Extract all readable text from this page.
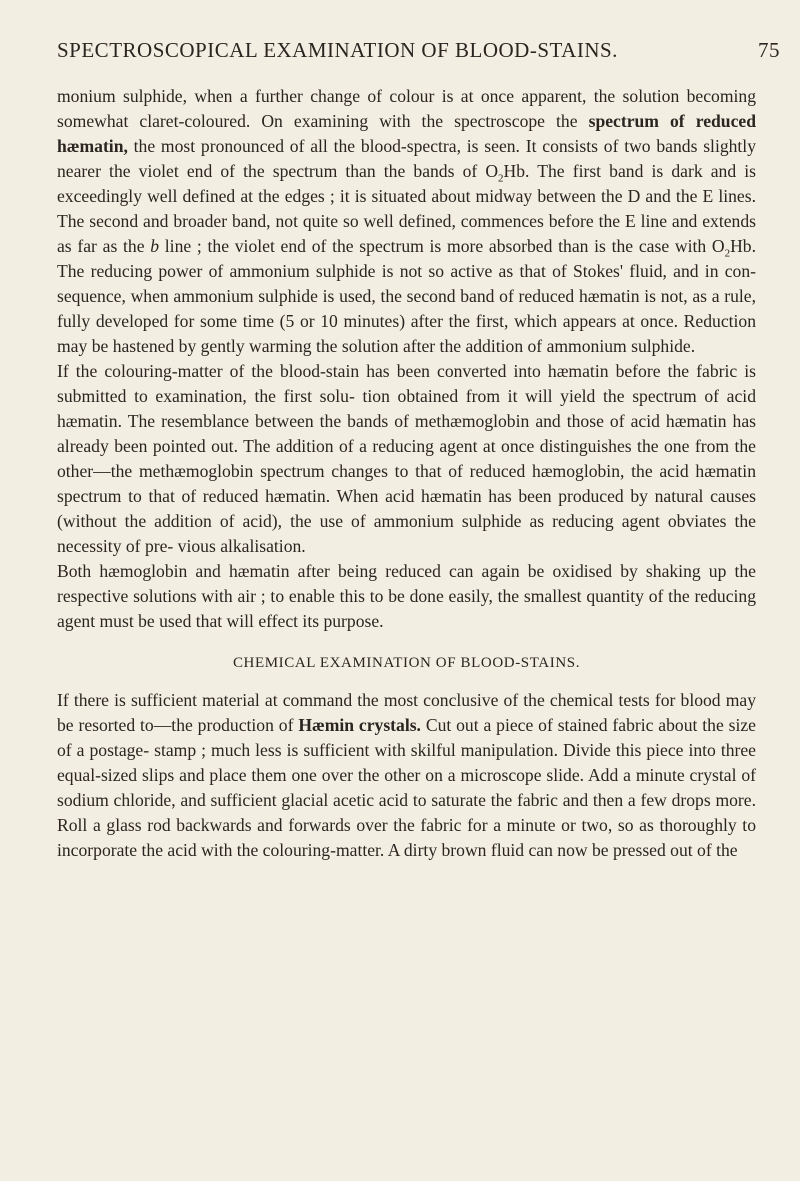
SPECTROSCOPICAL EXAMINATION OF BLOOD-STAINS.	75

monium sulphide, when a further change of colour is at once apparent, the solution becoming somewhat claret-coloured. On examining with the spectroscope the spectrum of reduced hæmatin, the most pronounced of all the blood-spectra, is seen. It consists of two bands slightly nearer the violet end of the spectrum than the bands of $O_2Hb$. The first band is dark and is exceedingly well defined at the edges ; it is situated about midway between the D and the E lines. The second and broader band, not quite so well defined, commences before the E line and extends as far as the b line ; the violet end of the spectrum is more absorbed than is the case with $O_2Hb$. The reducing power of ammonium sulphide is not so active as that of Stokes' fluid, and in con- sequence, when ammonium sulphide is used, the second band of reduced hæmatin is not, as a rule, fully developed for some time (5 or 10 minutes) after the first, which appears at once. Reduction may be hastened by gently warming the solution after the addition of ammonium sulphide.

If the colouring-matter of the blood-stain has been converted into hæmatin before the fabric is submitted to examination, the first solu- tion obtained from it will yield the spectrum of acid hæmatin. The resemblance between the bands of methæmoglobin and those of acid hæmatin has already been pointed out. The addition of a reducing agent at once distinguishes the one from the other—the methæmoglobin spectrum changes to that of reduced hæmoglobin, the acid hæmatin spectrum to that of reduced hæmatin. When acid hæmatin has been produced by natural causes (without the addition of acid), the use of ammonium sulphide as reducing agent obviates the necessity of pre- vious alkalisation.

Both hæmoglobin and hæmatin after being reduced can again be oxidised by shaking up the respective solutions with air ; to enable this to be done easily, the smallest quantity of the reducing agent must be used that will effect its purpose.

CHEMICAL EXAMINATION OF BLOOD-STAINS.

If there is sufficient material at command the most conclusive of the chemical tests for blood may be resorted to—the production of Hæmin crystals. Cut out a piece of stained fabric about the size of a postage- stamp ; much less is sufficient with skilful manipulation. Divide this piece into three equal-sized slips and place them one over the other on a microscope slide. Add a minute crystal of sodium chloride, and sufficient glacial acetic acid to saturate the fabric and then a few drops more. Roll a glass rod backwards and forwards over the fabric for a minute or two, so as thoroughly to incorporate the acid with the colouring-matter. A dirty brown fluid can now be pressed out of the
